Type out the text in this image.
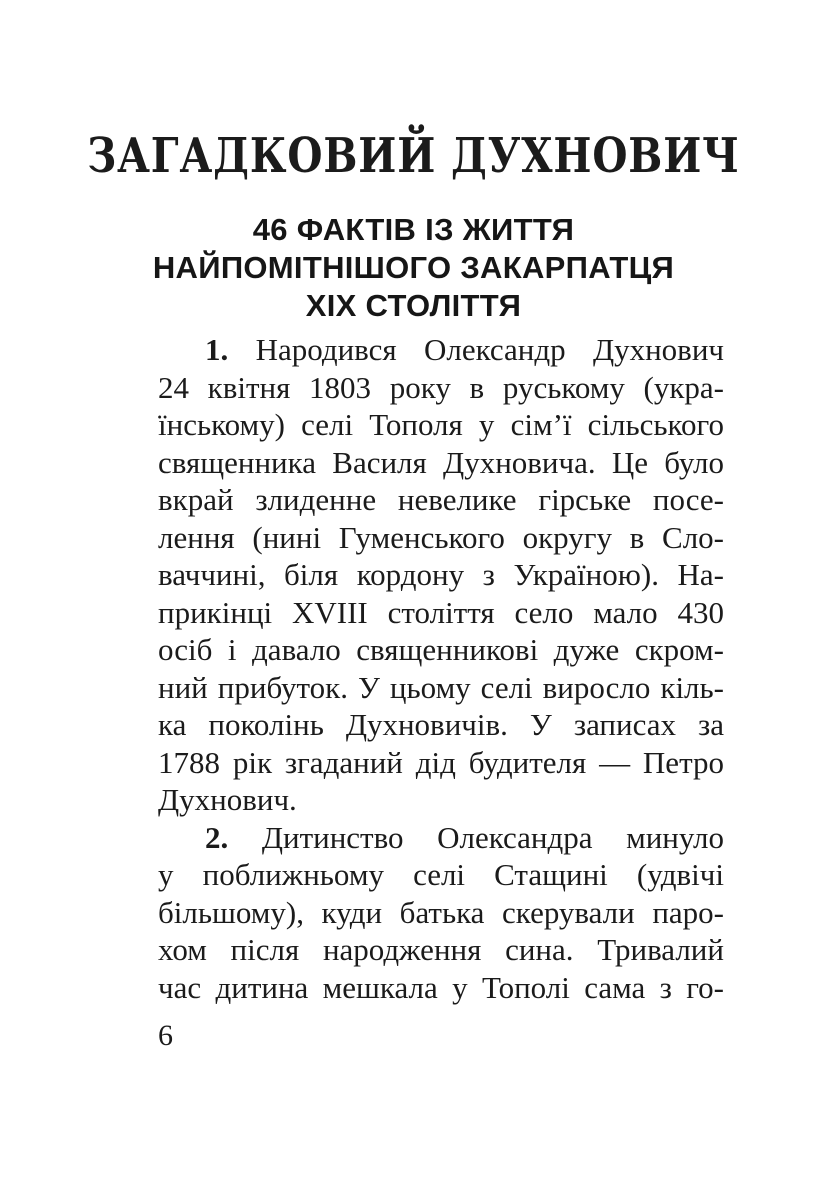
ЗАГАДКОВИЙ ДУХНОВИЧ
46 ФАКТІВ ІЗ ЖИТТЯ
НАЙПОМІТНІШОГО ЗАКАРПАТЦЯ
XIX СТОЛІТТЯ
1. Народився Олександр Духнович
24 квітня 1803 року в руському (укра-
їнському) селі Тополя у сім’ї сільського
священника Василя Духновича. Це було
вкрай злиденне невелике гірське посе-
лення (нині Гуменського округу в Сло-
ваччині, біля кордону з Україною). На-
прикінці XVIII століття село мало 430
осіб і давало священникові дуже скром-
ний прибуток. У цьому селі виросло кіль-
ка поколінь Духновичів. У записах за
1788 рік згаданий дід будителя — Петро
Духнович.
2. Дитинство Олександра минуло
у поближньому селі Стащині (удвічі
більшому), куди батька скерували паро-
хом після народження сина. Тривалий
час дитина мешкала у Тополі сама з го-
6
